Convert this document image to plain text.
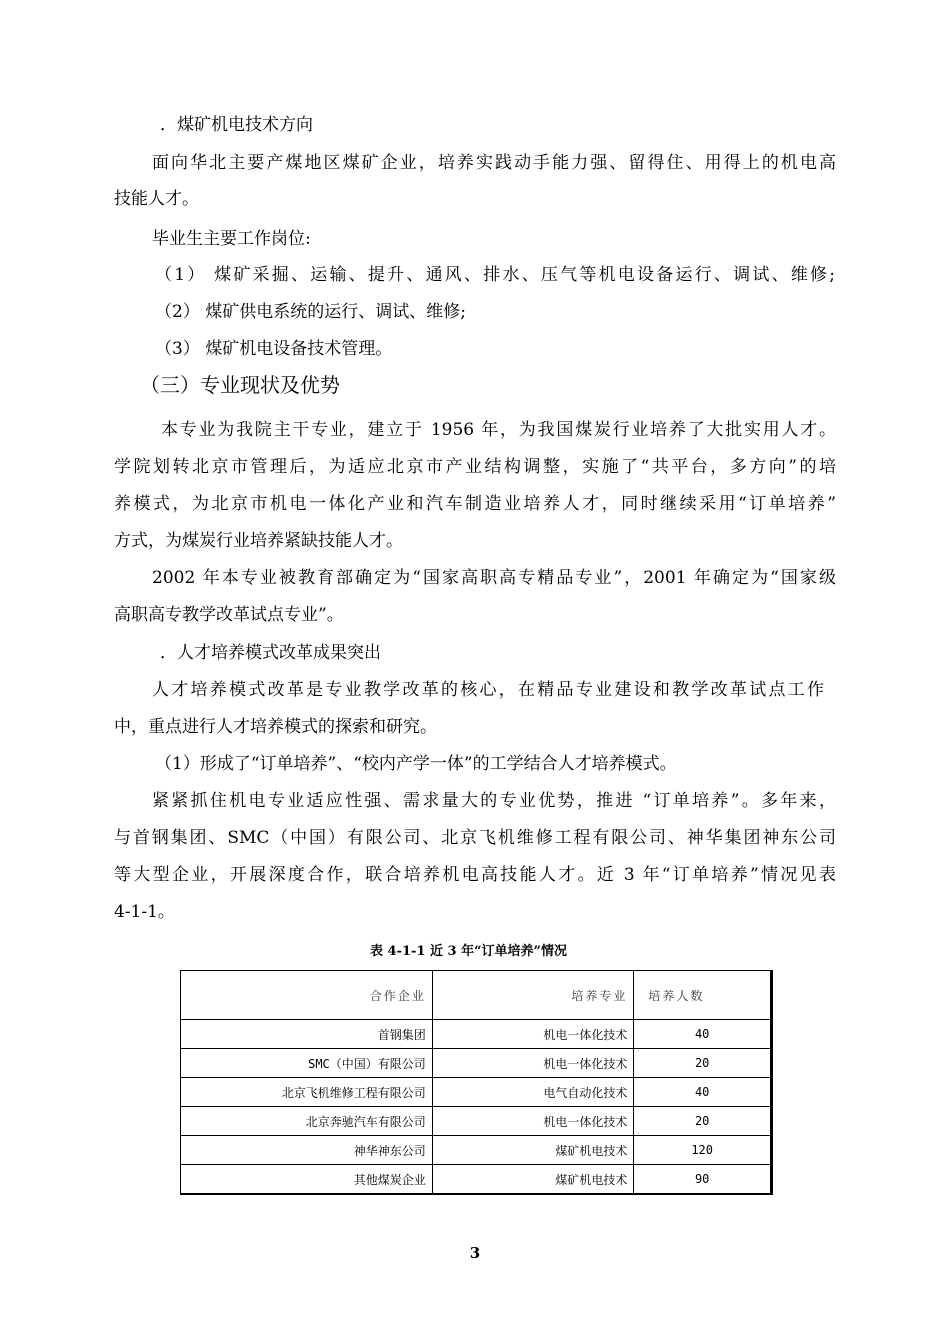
．煤矿机电技术方向
面向华北主要产煤地区煤矿企业，培养实践动手能力强、留得住、用得上的机电高
技能人才。
毕业生主要工作岗位:
（1） 煤矿采掘、运输、提升、通风、排水、压气等机电设备运行、调试、维修;
（2） 煤矿供电系统的运行、调试、维修;
（3） 煤矿机电设备技术管理。
（三）专业现状及优势
本专业为我院主干专业，建立于 1956 年，为我国煤炭行业培养了大批实用人才。
学院划转北京市管理后，为适应北京市产业结构调整，实施了“共平台，多方向”的培
养模式，为北京市机电一体化产业和汽车制造业培养人才，同时继续采用“订单培养”
方式，为煤炭行业培养紧缺技能人才。
2002 年本专业被教育部确定为“国家高职高专精品专业”，2001 年确定为“国家级
高职高专教学改革试点专业”。
．人才培养模式改革成果突出
人才培养模式改革是专业教学改革的核心，在精品专业建设和教学改革试点工作
中，重点进行人才培养模式的探索和研究。
（1）形成了“订单培养”、“校内产学一体”的工学结合人才培养模式。
紧紧抓住机电专业适应性强、需求量大的专业优势，推进 “订单培养”。多年来，
与首钢集团、SMC（中国）有限公司、北京飞机维修工程有限公司、神华集团神东公司
等大型企业，开展深度合作，联合培养机电高技能人才。近 3 年“订单培养”情况见表
4-1-1。
表 4-1-1 近 3 年“订单培养”情况
合作企业	培养专业	培养人数
首钢集团	机电一体化技术	40
SMC（中国）有限公司	机电一体化技术	20
北京飞机维修工程有限公司	电气自动化技术	40
北京奔驰汽车有限公司	机电一体化技术	20
神华神东公司	煤矿机电技术	120
其他煤炭企业	煤矿机电技术	90
3
